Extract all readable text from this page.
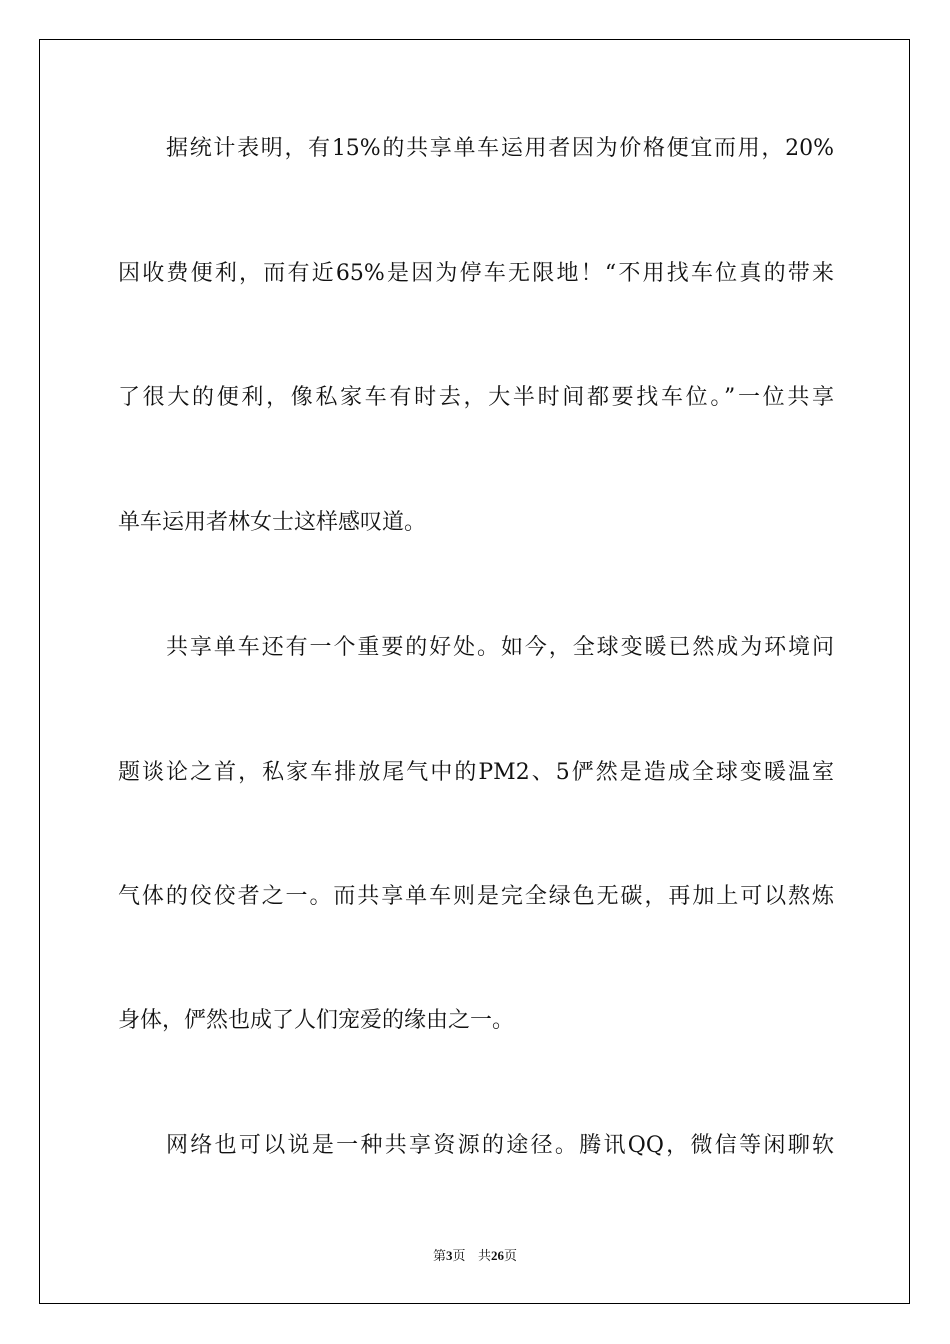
据统计表明，有15%的共享单车运用者因为价格便宜而用，20%
因收费便利，而有近65%是因为停车无限地！“不用找车位真的带来
了很大的便利，像私家车有时去，大半时间都要找车位。”一位共享
单车运用者林女士这样感叹道。
共享单车还有一个重要的好处。如今，全球变暖已然成为环境问
题谈论之首，私家车排放尾气中的PM2、5俨然是造成全球变暖温室
气体的佼佼者之一。而共享单车则是完全绿色无碳，再加上可以熬炼
身体，俨然也成了人们宠爱的缘由之一。
网络也可以说是一种共享资源的途径。腾讯QQ，微信等闲聊软
第3页 共26页
